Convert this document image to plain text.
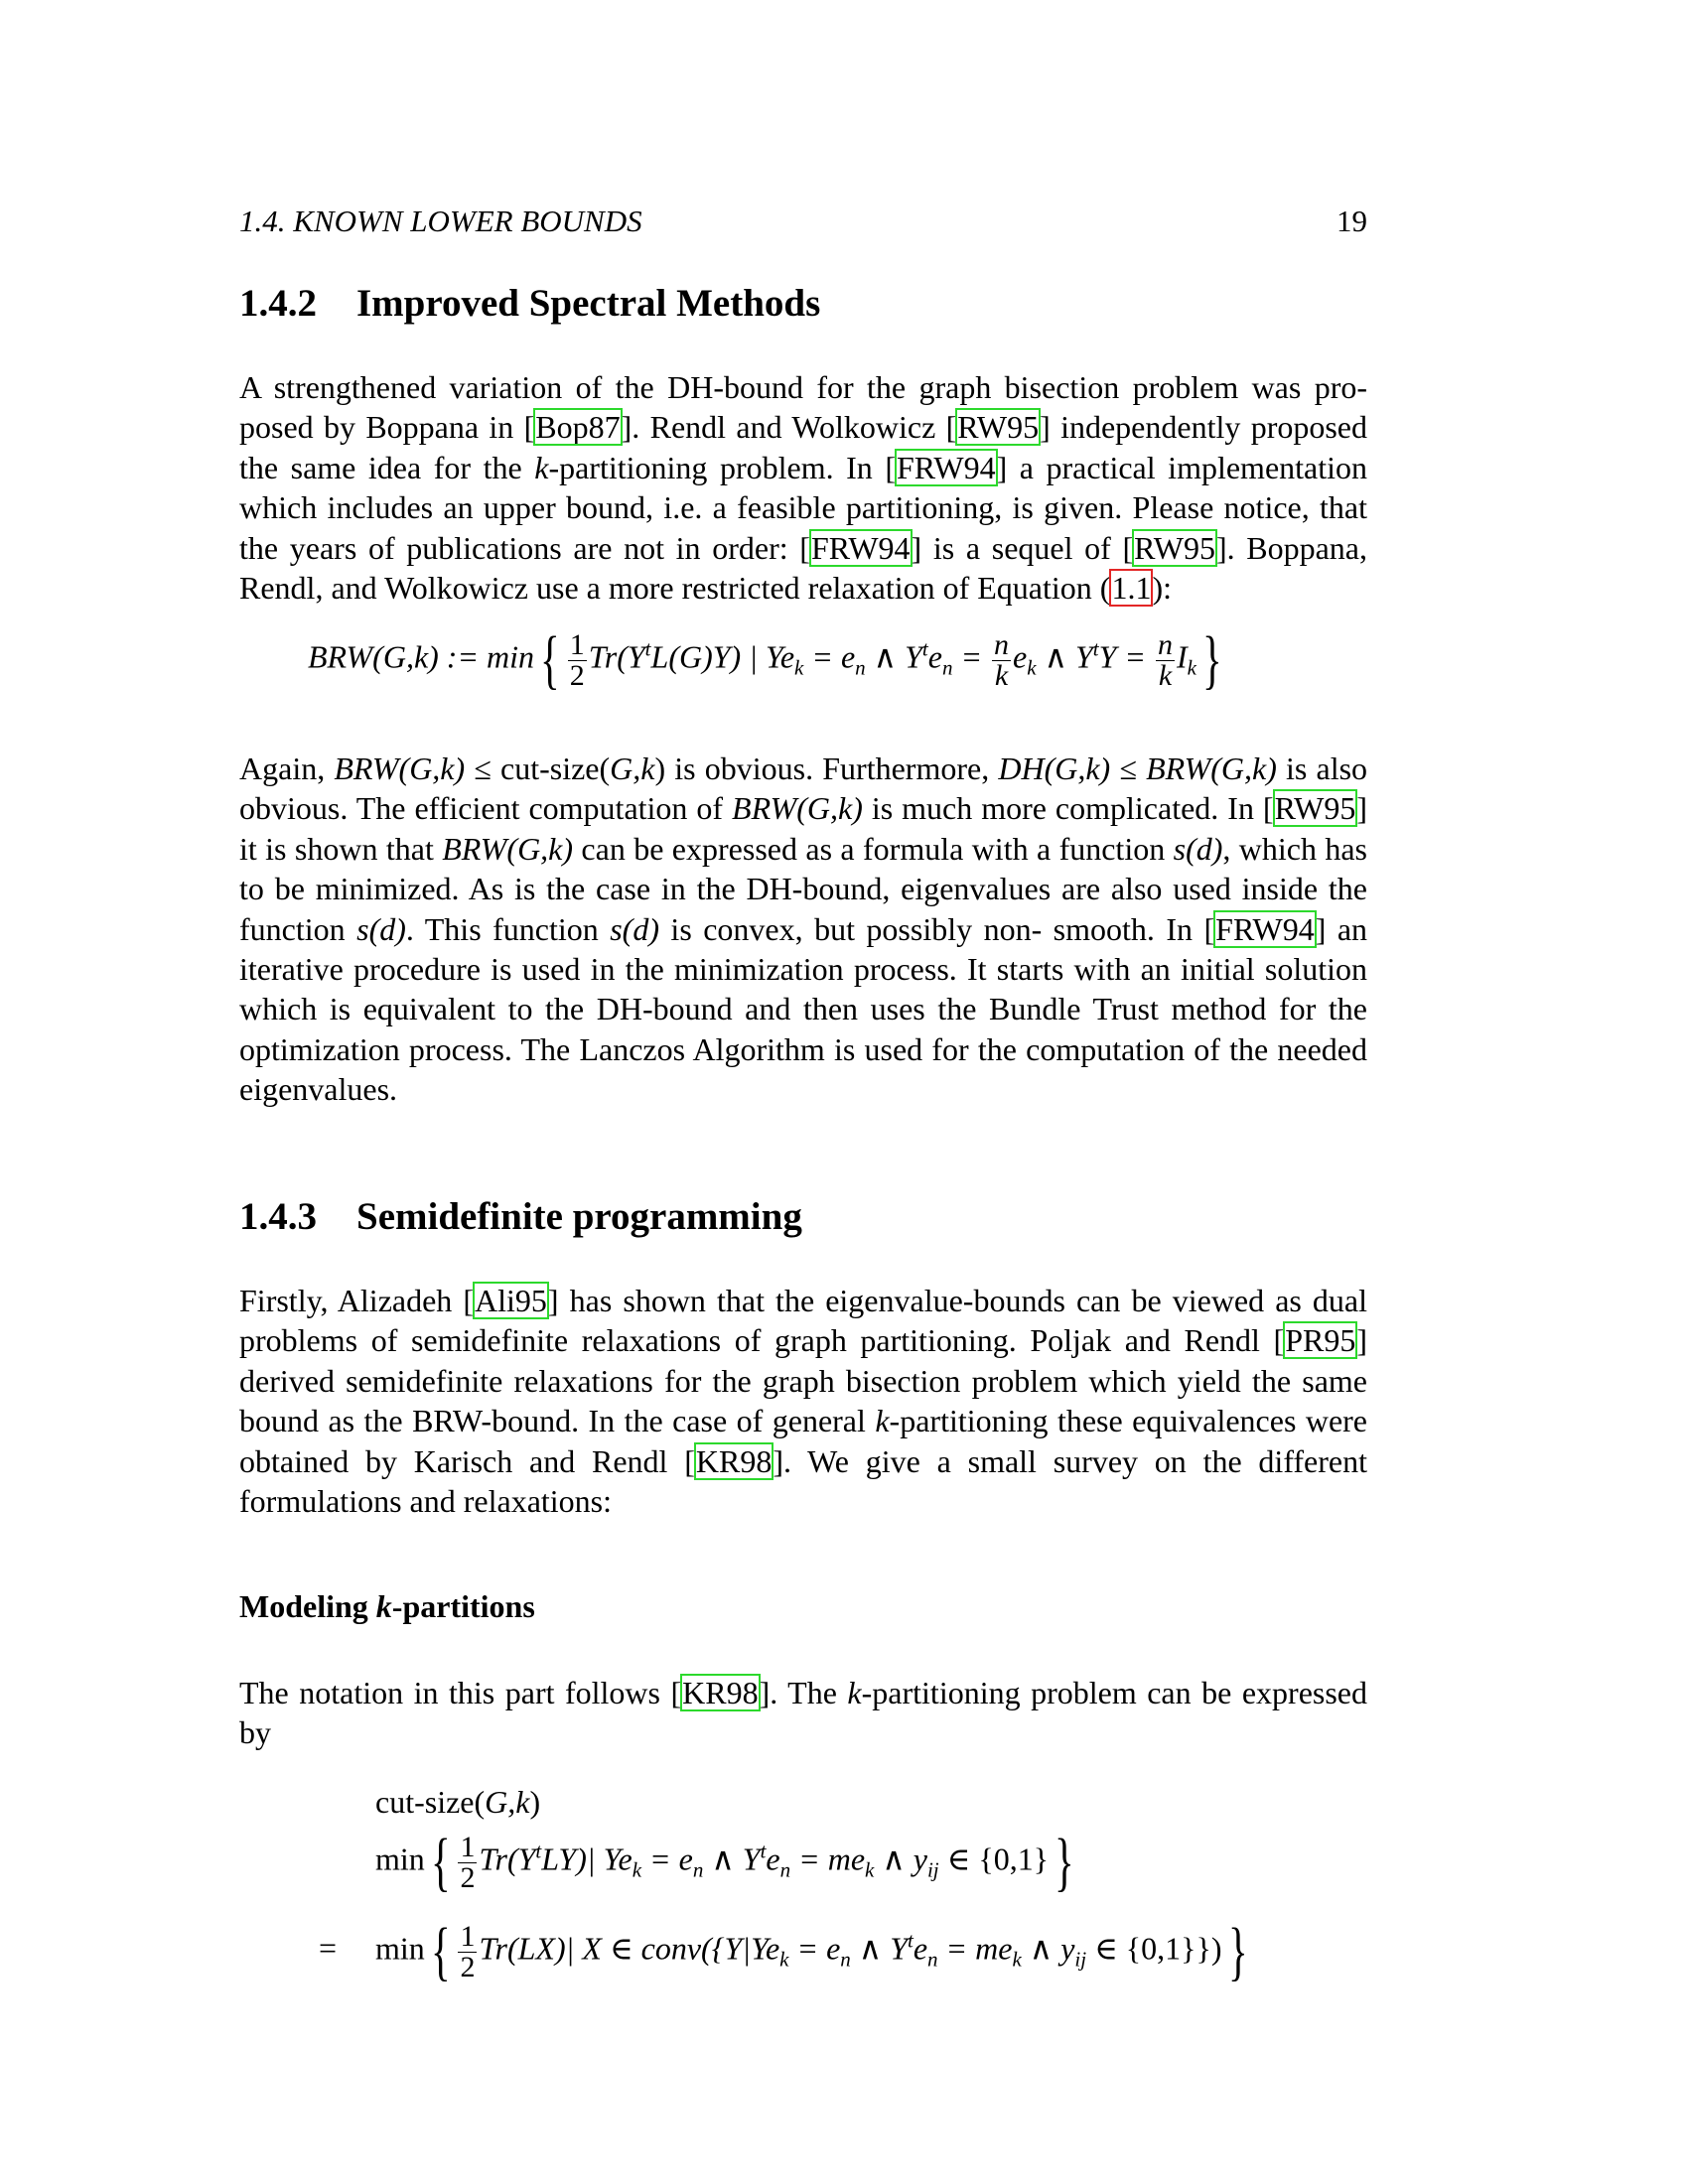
1.4. KNOWN LOWER BOUNDS	19
1.4.2 Improved Spectral Methods

A strengthened variation of the DH-bound for the graph bisection problem was pro- posed by Boppana in [Bop87]. Rendl and Wolkowicz [RW95] independently proposed the same idea for the k-partitioning problem. In [FRW94] a practical implementation which includes an upper bound, i.e. a feasible partitioning, is given. Please notice, that the years of publications are not in order: [FRW94] is a sequel of [RW95]. Boppana, Rendl, and Wolkowicz use a more restricted relaxation of Equation (1.1):

BRW(G,k) := $\min\{ \frac{1}{2} Tr(Y^tL(G)Y)$ | $Ye_k = e_n$ ∧ $Y^te_n = \frac{n}{k} e_k$ ∧ $Y^tY = \frac{n}{k} I_k$}

Again, BRW(G,k) ≤ cut-size(G,k) is obvious. Furthermore, DH(G,k) ≤ BRW(G,k) is also obvious. The efficient computation of BRW(G,k) is much more complicated. In [RW95] it is shown that BRW(G,k) can be expressed as a formula with a function s(d), which has to be minimized. As is the case in the DH-bound, eigenvalues are also used inside the function s(d). This function s(d) is convex, but possibly non- smooth. In [FRW94] an iterative procedure is used in the minimization process. It starts with an initial solution which is equivalent to the DH-bound and then uses the Bundle Trust method for the optimization process. The Lanczos Algorithm is used for the computation of the needed eigenvalues.

1.4.3 Semidefinite programming

Firstly, Alizadeh [Ali95] has shown that the eigenvalue-bounds can be viewed as dual problems of semidefinite relaxations of graph partitioning. Poljak and Rendl [PR95] derived semidefinite relaxations for the graph bisection problem which yield the same bound as the BRW-bound. In the case of general k-partitioning these equivalences were obtained by Karisch and Rendl [KR98]. We give a small survey on the different formulations and relaxations:

Modeling k-partitions

The notation in this part follows [KR98]. The k-partitioning problem can be expressed by

cut-size(G,k)
$\min\{ \frac{1}{2} Tr(Y^tLY)|$ $Ye_k = e_n$ ∧ $Y^te_n = me_k$ ∧ $y_{ij}$ ∈ {0,1}}
= $\min\{ \frac{1}{2} Tr(LX)|$ X ∈ $conv(\{Y|Ye_k = e_n$ ∧ $Y^te_n = me_k$ ∧ $y_{ij}$ ∈ {0,1}})}
